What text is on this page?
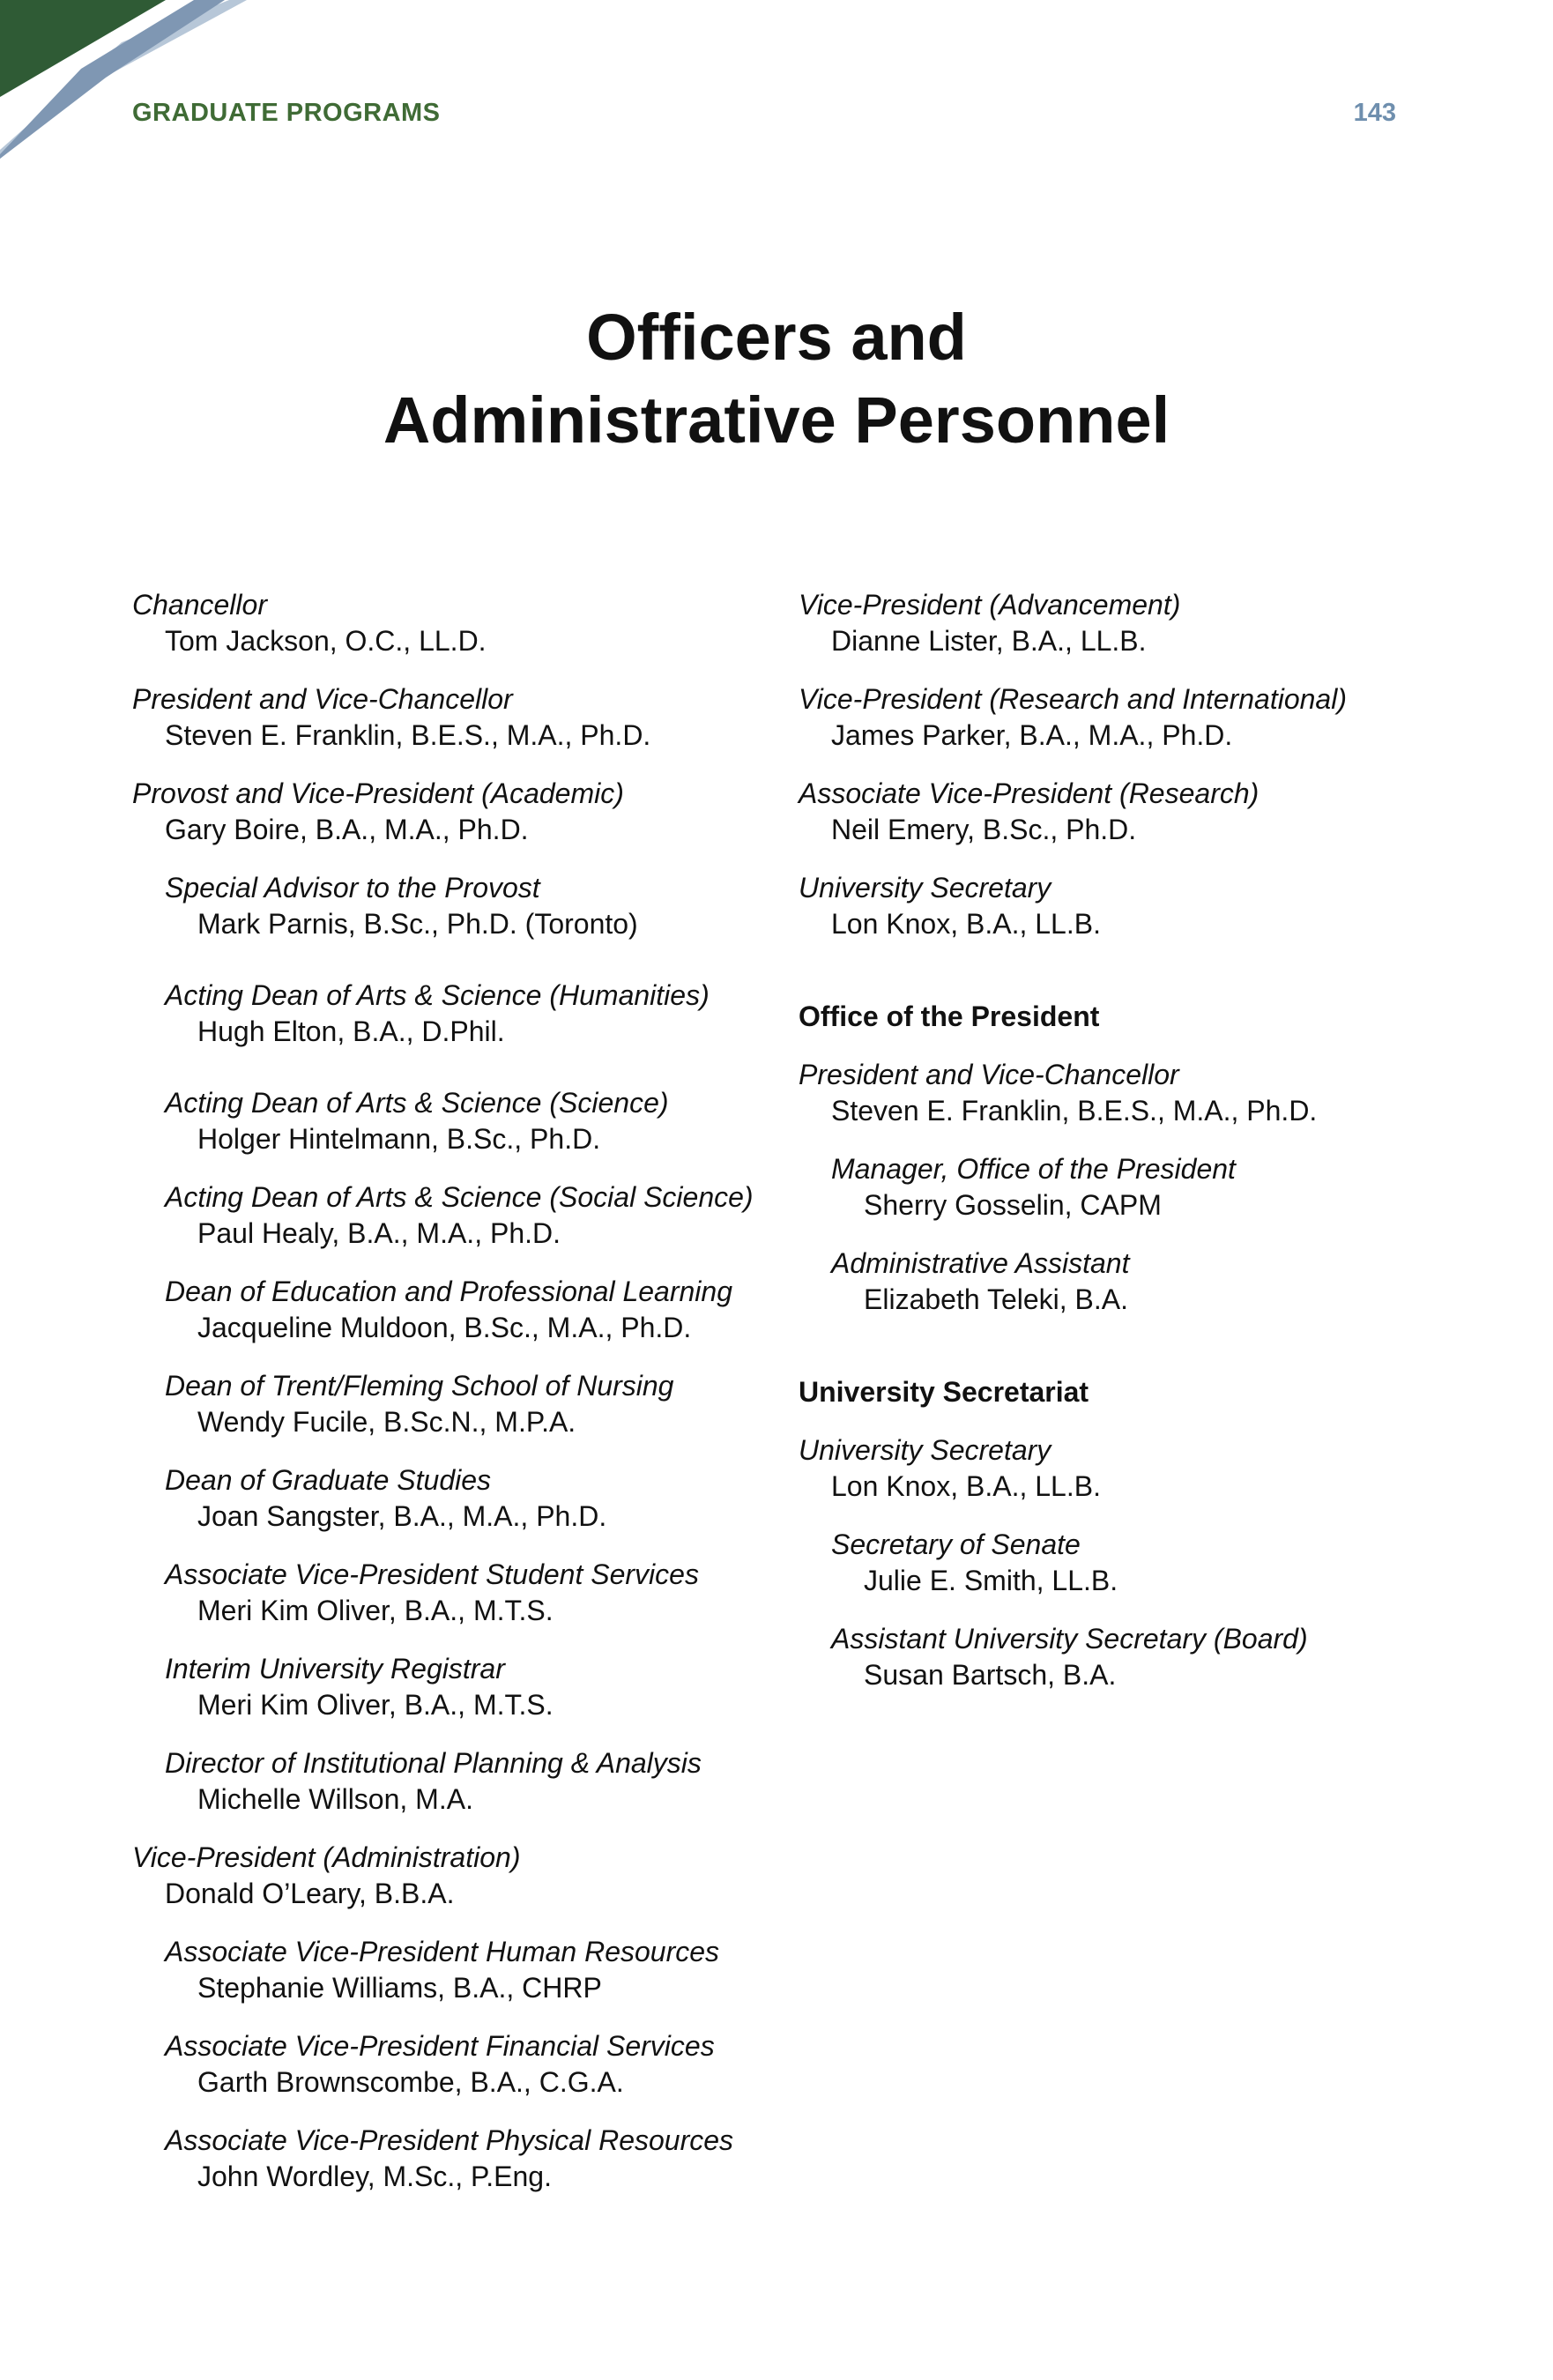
GRADUATE PROGRAMS	143
Officers and
Administrative Personnel
Chancellor
Tom Jackson, O.C., LL.D.
President and Vice-Chancellor
Steven E. Franklin, B.E.S., M.A., Ph.D.
Provost and Vice-President (Academic)
Gary Boire, B.A., M.A., Ph.D.
Special Advisor to the Provost
Mark Parnis, B.Sc., Ph.D. (Toronto)
Acting Dean of Arts & Science (Humanities)
Hugh Elton, B.A., D.Phil.
Acting Dean of Arts & Science (Science)
Holger Hintelmann, B.Sc., Ph.D.
Acting Dean of Arts & Science (Social Science)
Paul Healy, B.A., M.A., Ph.D.
Dean of Education and Professional Learning
Jacqueline Muldoon, B.Sc., M.A., Ph.D.
Dean of Trent/Fleming School of Nursing
Wendy Fucile, B.Sc.N., M.P.A.
Dean of Graduate Studies
Joan Sangster, B.A., M.A., Ph.D.
Associate Vice-President Student Services
Meri Kim Oliver, B.A., M.T.S.
Interim University Registrar
Meri Kim Oliver, B.A., M.T.S.
Director of Institutional Planning & Analysis
Michelle Willson, M.A.
Vice-President (Administration)
Donald O’Leary, B.B.A.
Associate Vice-President Human Resources
Stephanie Williams, B.A., CHRP
Associate Vice-President Financial Services
Garth Brownscombe, B.A., C.G.A.
Associate Vice-President Physical Resources
John Wordley, M.Sc., P.Eng.
Vice-President (Advancement)
Dianne Lister, B.A., LL.B.
Vice-President (Research and International)
James Parker, B.A., M.A., Ph.D.
Associate Vice-President (Research)
Neil Emery, B.Sc., Ph.D.
University Secretary
Lon Knox, B.A., LL.B.
Office of the President
President and Vice-Chancellor
Steven E. Franklin, B.E.S., M.A., Ph.D.
Manager, Office of the President
Sherry Gosselin, CAPM
Administrative Assistant
Elizabeth Teleki, B.A.
University Secretariat
University Secretary
Lon Knox, B.A., LL.B.
Secretary of Senate
Julie E. Smith, LL.B.
Assistant University Secretary (Board)
Susan Bartsch, B.A.
